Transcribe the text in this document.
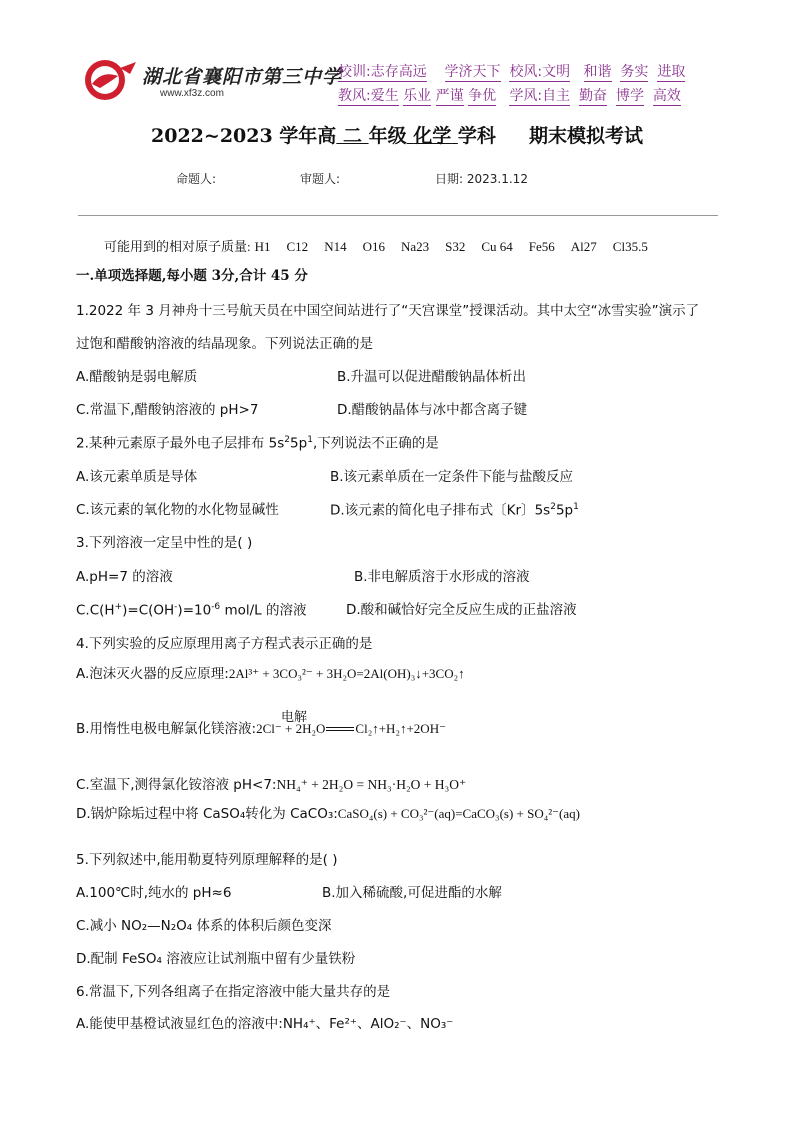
湖北省襄阳市第三中学
www.xf3z.com
校训:志存高远 学济天下 校风:文明 和谐 务实 进取
教风:爱生 乐业 严谨 争优 学风:自主 勤奋 博学 高效
2022~2023 学年高 二 年级 化学 学科 期末模拟考试
命题人:	审题人:	日期: 2023.1.12
可能用到的相对原子质量: H1 C12 N14 O16 Na23 S32 Cu 64 Fe56 Al27 Cl35.5
一.单项选择题,每小题 3分,合计 45 分
1.2022 年 3 月神舟十三号航天员在中国空间站进行了“天宫课堂”授课活动。其中太空“冰雪实验”演示了
过饱和醋酸钠溶液的结晶现象。下列说法正确的是
A.醋酸钠是弱电解质	B.升温可以促进醋酸钠晶体析出
C.常温下,醋酸钠溶液的 pH>7	D.醋酸钠晶体与冰中都含离子键
2.某种元素原子最外电子层排布 $5s^25p^1$,下列说法不正确的是
A.该元素单质是导体	B.该元素单质在一定条件下能与盐酸反应
C.该元素的氧化物的水化物显碱性	D.该元素的简化电子排布式〔Kr〕$5s^25p^1$
3.下列溶液一定呈中性的是( )
A.pH=7 的溶液	B.非电解质溶于水形成的溶液
$C.C(H^+)=C(OH^-)=10^{-6}$ mol/L 的溶液	D.酸和碱恰好完全反应生成的正盐溶液
4.下列实验的反应原理用离子方程式表示正确的是
A.泡沫灭火器的反应原理:2Al³⁺ + 3CO₃²⁻ + 3H₂O=2Al(OH)₃↓+3CO₂↑
电解
B.用惰性电极电解氯化镁溶液:2Cl⁻ + 2H₂O Cl₂↑+H₂↑+2OH⁻
C.室温下,测得氯化铵溶液 pH<7:NH₄⁺ + 2H₂O = NH₃·H₂O + H₃O⁺
D.锅炉除垢过程中将 CaSO₄转化为 CaCO₃:CaSO₄(s) + CO₃²⁻(aq)=CaCO₃(s) + SO₄²⁻(aq)
5.下列叙述中,能用勒夏特列原理解释的是( )
A.100℃时,纯水的 pH≈6	B.加入稀硫酸,可促进酯的水解
C.减小 NO₂—N₂O₄ 体系的体积后颜色变深
D.配制 FeSO₄ 溶液应让试剂瓶中留有少量铁粉
6.常温下,下列各组离子在指定溶液中能大量共存的是
A.能使甲基橙试液显红色的溶液中:NH₄⁺、Fe²⁺、AlO₂⁻、NO₃⁻
